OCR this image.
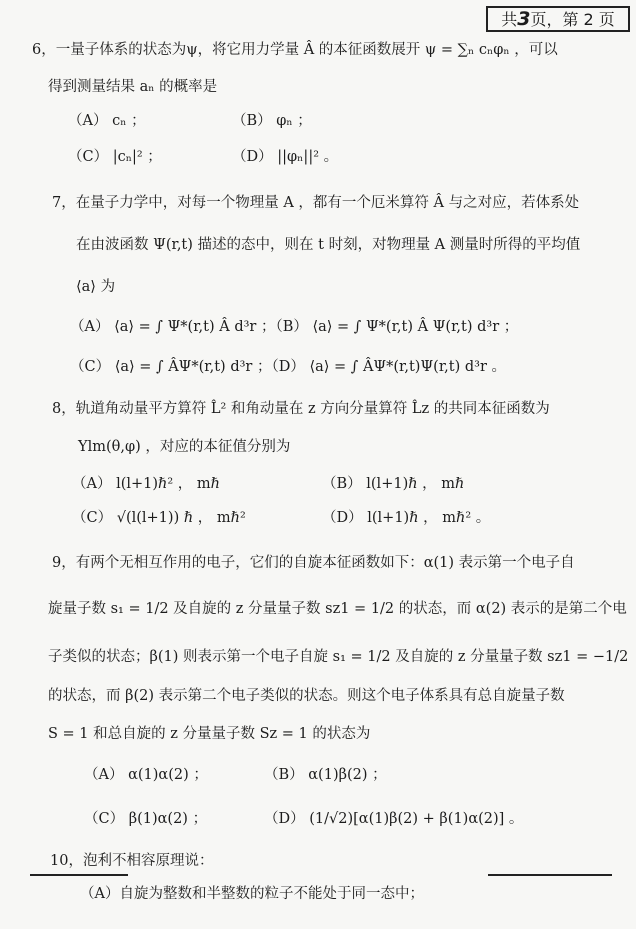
共3页，第 2 页
6，一量子体系的状态为ψ，将它用力学量 Â 的本征函数展开 ψ = ∑ₙ cₙφₙ ，可以
得到测量结果 aₙ 的概率是
（A） cₙ ；	（B） φₙ ；
（C） |cₙ|² ；	（D） ||φₙ||² 。
7，在量子力学中，对每一个物理量 A ，都有一个厄米算符 Â 与之对应，若体系处
在由波函数 Ψ(r,t) 描述的态中，则在 t 时刻，对物理量 A 测量时所得的平均值
⟨a⟩ 为
（A） ⟨a⟩ = ∫ Ψ*(r,t) Â d³r ；（B） ⟨a⟩ = ∫ Ψ*(r,t) Â Ψ(r,t) d³r ；
（C） ⟨a⟩ = ∫ ÂΨ*(r,t) d³r ；（D） ⟨a⟩ = ∫ ÂΨ*(r,t)Ψ(r,t) d³r 。
8，轨道角动量平方算符 L̂² 和角动量在 z 方向分量算符 L̂z 的共同本征函数为
Ylm(θ,φ) ，对应的本征值分别为
（A） l(l+1)ℏ² ， mℏ	（B） l(l+1)ℏ ， mℏ
（C） √(l(l+1)) ℏ ， mℏ²	（D） l(l+1)ℏ ， mℏ² 。
9，有两个无相互作用的电子，它们的自旋本征函数如下：α(1) 表示第一个电子自
旋量子数 s₁ = 1/2 及自旋的 z 分量量子数 sz1 = 1/2 的状态，而 α(2) 表示的是第二个电
子类似的状态；β(1) 则表示第一个电子自旋 s₁ = 1/2 及自旋的 z 分量量子数 sz1 = −1/2
的状态，而 β(2) 表示第二个电子类似的状态。则这个电子体系具有总自旋量子数
S = 1 和总自旋的 z 分量量子数 Sz = 1 的状态为
（A） α(1)α(2) ；	（B） α(1)β(2) ；
（C） β(1)α(2) ；	（D） (1/√2)[α(1)β(2) + β(1)α(2)] 。
10，泡利不相容原理说：
（A）自旋为整数和半整数的粒子不能处于同一态中；
